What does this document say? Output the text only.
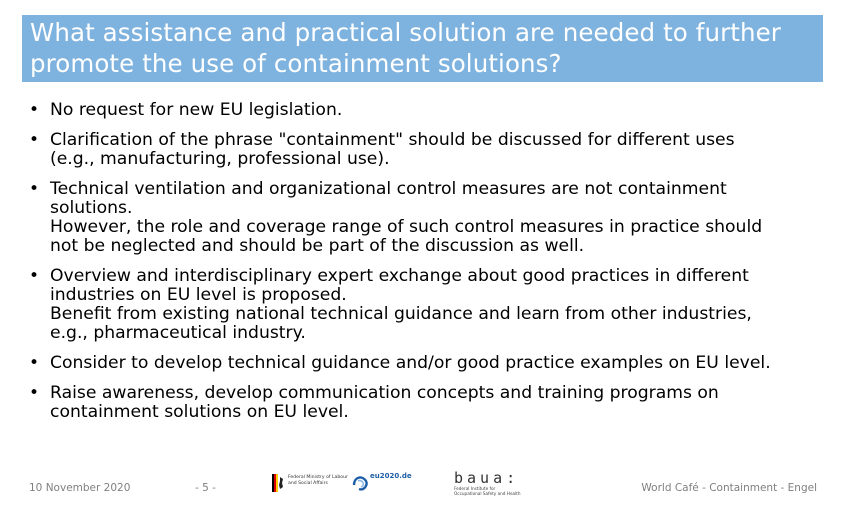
What assistance and practical solution are needed to further
promote the use of containment solutions?
• No request for new EU legislation.
• Clarification of the phrase "containment" should be discussed for different uses
(e.g., manufacturing, professional use).
• Technical ventilation and organizational control measures are not containment
solutions.
However, the role and coverage range of such control measures in practice should
not be neglected and should be part of the discussion as well.
• Overview and interdisciplinary expert exchange about good practices in different
industries on EU level is proposed.
Benefit from existing national technical guidance and learn from other industries,
e.g., pharmaceutical industry.
• Consider to develop technical guidance and/or good practice examples on EU level.
• Raise awareness, develop communication concepts and training programs on
containment solutions on EU level.
10 November 2020	- 5 -
Federal Ministry of Labour and Social Affairs
eu2020.de	baua:
Federal Institute for Occupational Safety and Health	World Café - Containment - Engel
